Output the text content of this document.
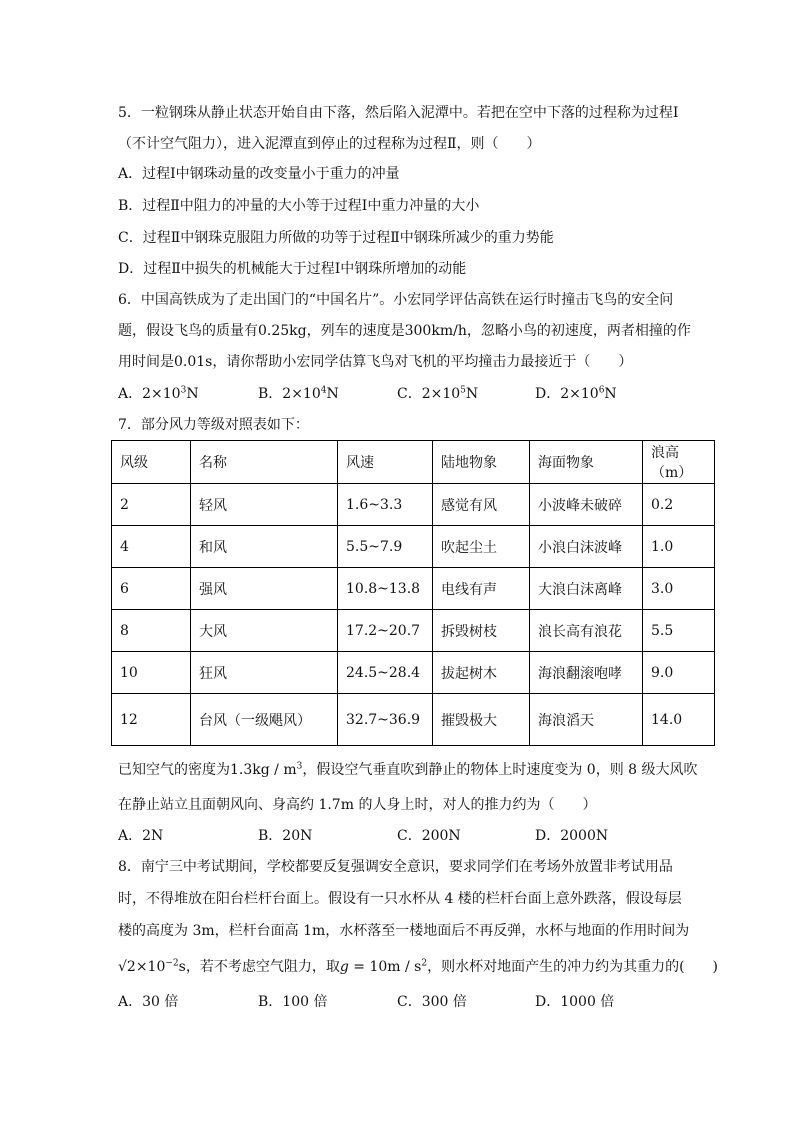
5．一粒钢珠从静止状态开始自由下落，然后陷入泥潭中。若把在空中下落的过程称为过程Ⅰ
（不计空气阻力），进入泥潭直到停止的过程称为过程Ⅱ，则（　　）
A．过程Ⅰ中钢珠动量的改变量小于重力的冲量
B．过程Ⅱ中阻力的冲量的大小等于过程Ⅰ中重力冲量的大小
C．过程Ⅱ中钢珠克服阻力所做的功等于过程Ⅱ中钢珠所减少的重力势能
D．过程Ⅱ中损失的机械能大于过程Ⅰ中钢珠所增加的动能
6．中国高铁成为了走出国门的“中国名片”。小宏同学评估高铁在运行时撞击飞鸟的安全问
题，假设飞鸟的质量有0.25kg，列车的速度是300km/h，忽略小鸟的初速度，两者相撞的作
用时间是0.01s，请你帮助小宏同学估算飞鸟对飞机的平均撞击力最接近于（　　）
A．$2\times 10^3N$	B．$2\times 10^4N$	C．$2\times 10^5N$	D．$2\times 10^6N$
7．部分风力等级对照表如下：
风级	名称	风速	陆地物象	海面物象	浪高（m）
2	轻风	1.6~3.3	感觉有风	小波峰未破碎	0.2
4	和风	5.5~7.9	吹起尘土	小浪白沫波峰	1.0
6	强风	10.8~13.8	电线有声	大浪白沫离峰	3.0
8	大风	17.2~20.7	拆毁树枝	浪长高有浪花	5.5
10	狂风	24.5~28.4	拔起树木	海浪翻滚咆哮	9.0
12	台风（一级飓风）	32.7~36.9	摧毁极大	海浪滔天	14.0
已知空气的密度为$1.3kg / m^3$，假设空气垂直吹到静止的物体上时速度变为 0，则 8 级大风吹
在静止站立且面朝风向、身高约 1.7m 的人身上时，对人的推力约为（　　）
A．2N	B．20N	C．200N	D．2000N
8．南宁三中考试期间，学校都要反复强调安全意识，要求同学们在考场外放置非考试用品
时，不得堆放在阳台栏杆台面上。假设有一只水杯从 4 楼的栏杆台面上意外跌落，假设每层
楼的高度为 3m，栏杆台面高 1m，水杯落至一楼地面后不再反弹，水杯与地面的作用时间为
$√2\times 10^{-2}s$，若不考虑空气阻力，取$g = 10m / s^2$，则水杯对地面产生的冲力约为其重力的(　　)
A．30 倍	B．100 倍	C．300 倍	D．1000 倍
